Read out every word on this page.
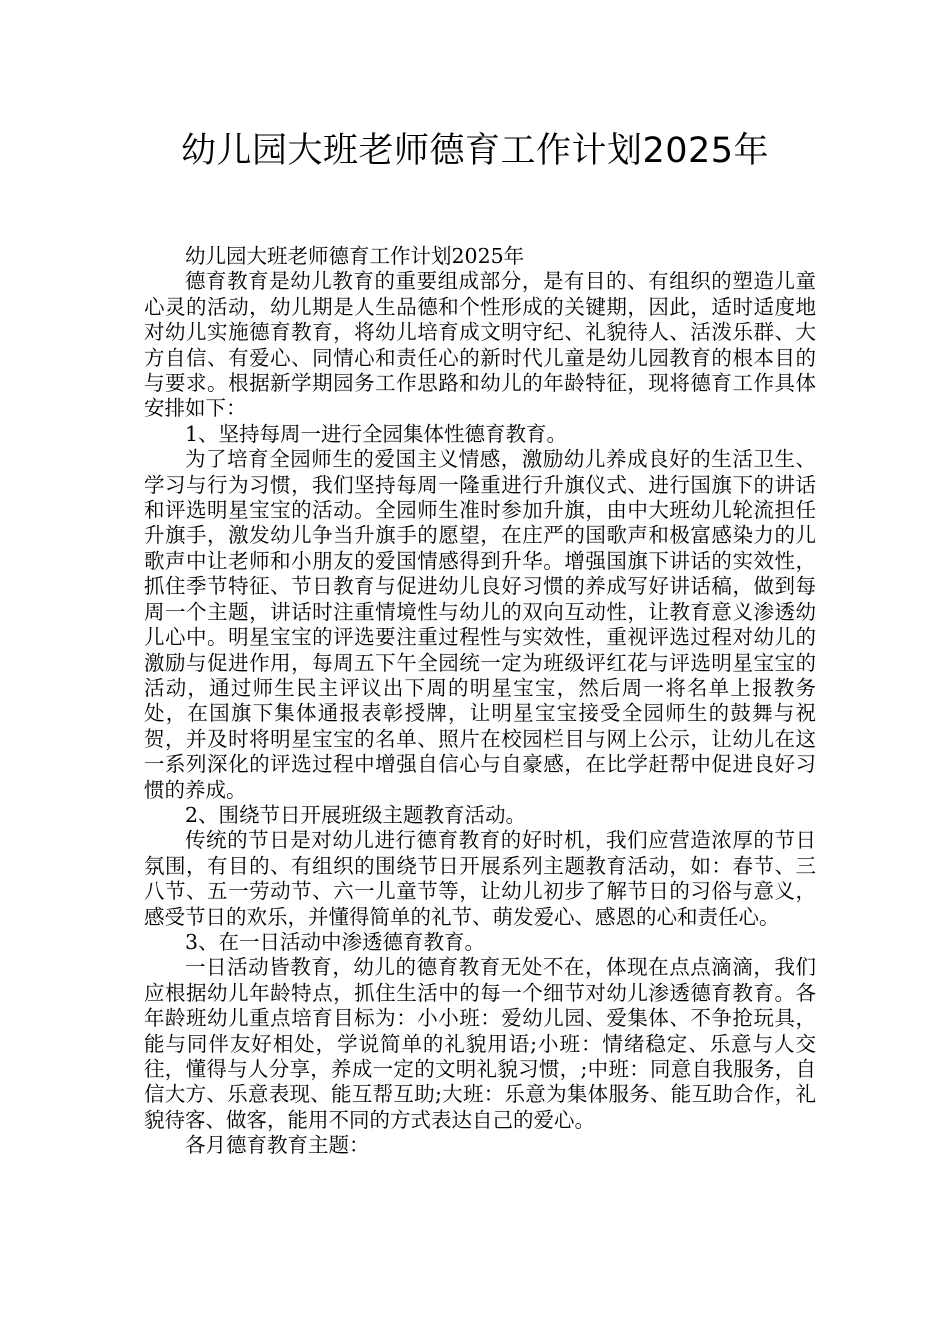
幼儿园大班老师德育工作计划2025年

幼儿园大班老师德育工作计划2025年

德育教育是幼儿教育的重要组成部分，是有目的、有组织的塑造儿童心灵的活动，幼儿期是人生品德和个性形成的关键期，因此，适时适度地对幼儿实施德育教育，将幼儿培育成文明守纪、礼貌待人、活泼乐群、大方自信、有爱心、同情心和责任心的新时代儿童是幼儿园教育的根本目的与要求。根据新学期园务工作思路和幼儿的年龄特征，现将德育工作具体安排如下：

1、坚持每周一进行全园集体性德育教育。

为了培育全园师生的爱国主义情感，激励幼儿养成良好的生活卫生、学习与行为习惯，我们坚持每周一隆重进行升旗仪式、进行国旗下的讲话和评选明星宝宝的活动。全园师生准时参加升旗，由中大班幼儿轮流担任升旗手，激发幼儿争当升旗手的愿望，在庄严的国歌声和极富感染力的儿歌声中让老师和小朋友的爱国情感得到升华。增强国旗下讲话的实效性，抓住季节特征、节日教育与促进幼儿良好习惯的养成写好讲话稿，做到每周一个主题，讲话时注重情境性与幼儿的双向互动性，让教育意义渗透幼儿心中。明星宝宝的评选要注重过程性与实效性，重视评选过程对幼儿的激励与促进作用，每周五下午全园统一定为班级评红花与评选明星宝宝的活动，通过师生民主评议出下周的明星宝宝，然后周一将名单上报教务处，在国旗下集体通报表彰授牌，让明星宝宝接受全园师生的鼓舞与祝贺，并及时将明星宝宝的名单、照片在校园栏目与网上公示，让幼儿在这一系列深化的评选过程中增强自信心与自豪感，在比学赶帮中促进良好习惯的养成。

2、围绕节日开展班级主题教育活动。

传统的节日是对幼儿进行德育教育的好时机，我们应营造浓厚的节日氛围，有目的、有组织的围绕节日开展系列主题教育活动，如：春节、三八节、五一劳动节、六一儿童节等，让幼儿初步了解节日的习俗与意义，感受节日的欢乐，并懂得简单的礼节、萌发爱心、感恩的心和责任心。

3、在一日活动中渗透德育教育。

一日活动皆教育，幼儿的德育教育无处不在，体现在点点滴滴，我们应根据幼儿年龄特点，抓住生活中的每一个细节对幼儿渗透德育教育。各年龄班幼儿重点培育目标为：小小班：爱幼儿园、爱集体、不争抢玩具，能与同伴友好相处，学说简单的礼貌用语;小班：情绪稳定、乐意与人交往，懂得与人分享，养成一定的文明礼貌习惯，;中班：同意自我服务，自信大方、乐意表现、能互帮互助;大班：乐意为集体服务、能互助合作，礼貌待客、做客，能用不同的方式表达自己的爱心。

各月德育教育主题：
